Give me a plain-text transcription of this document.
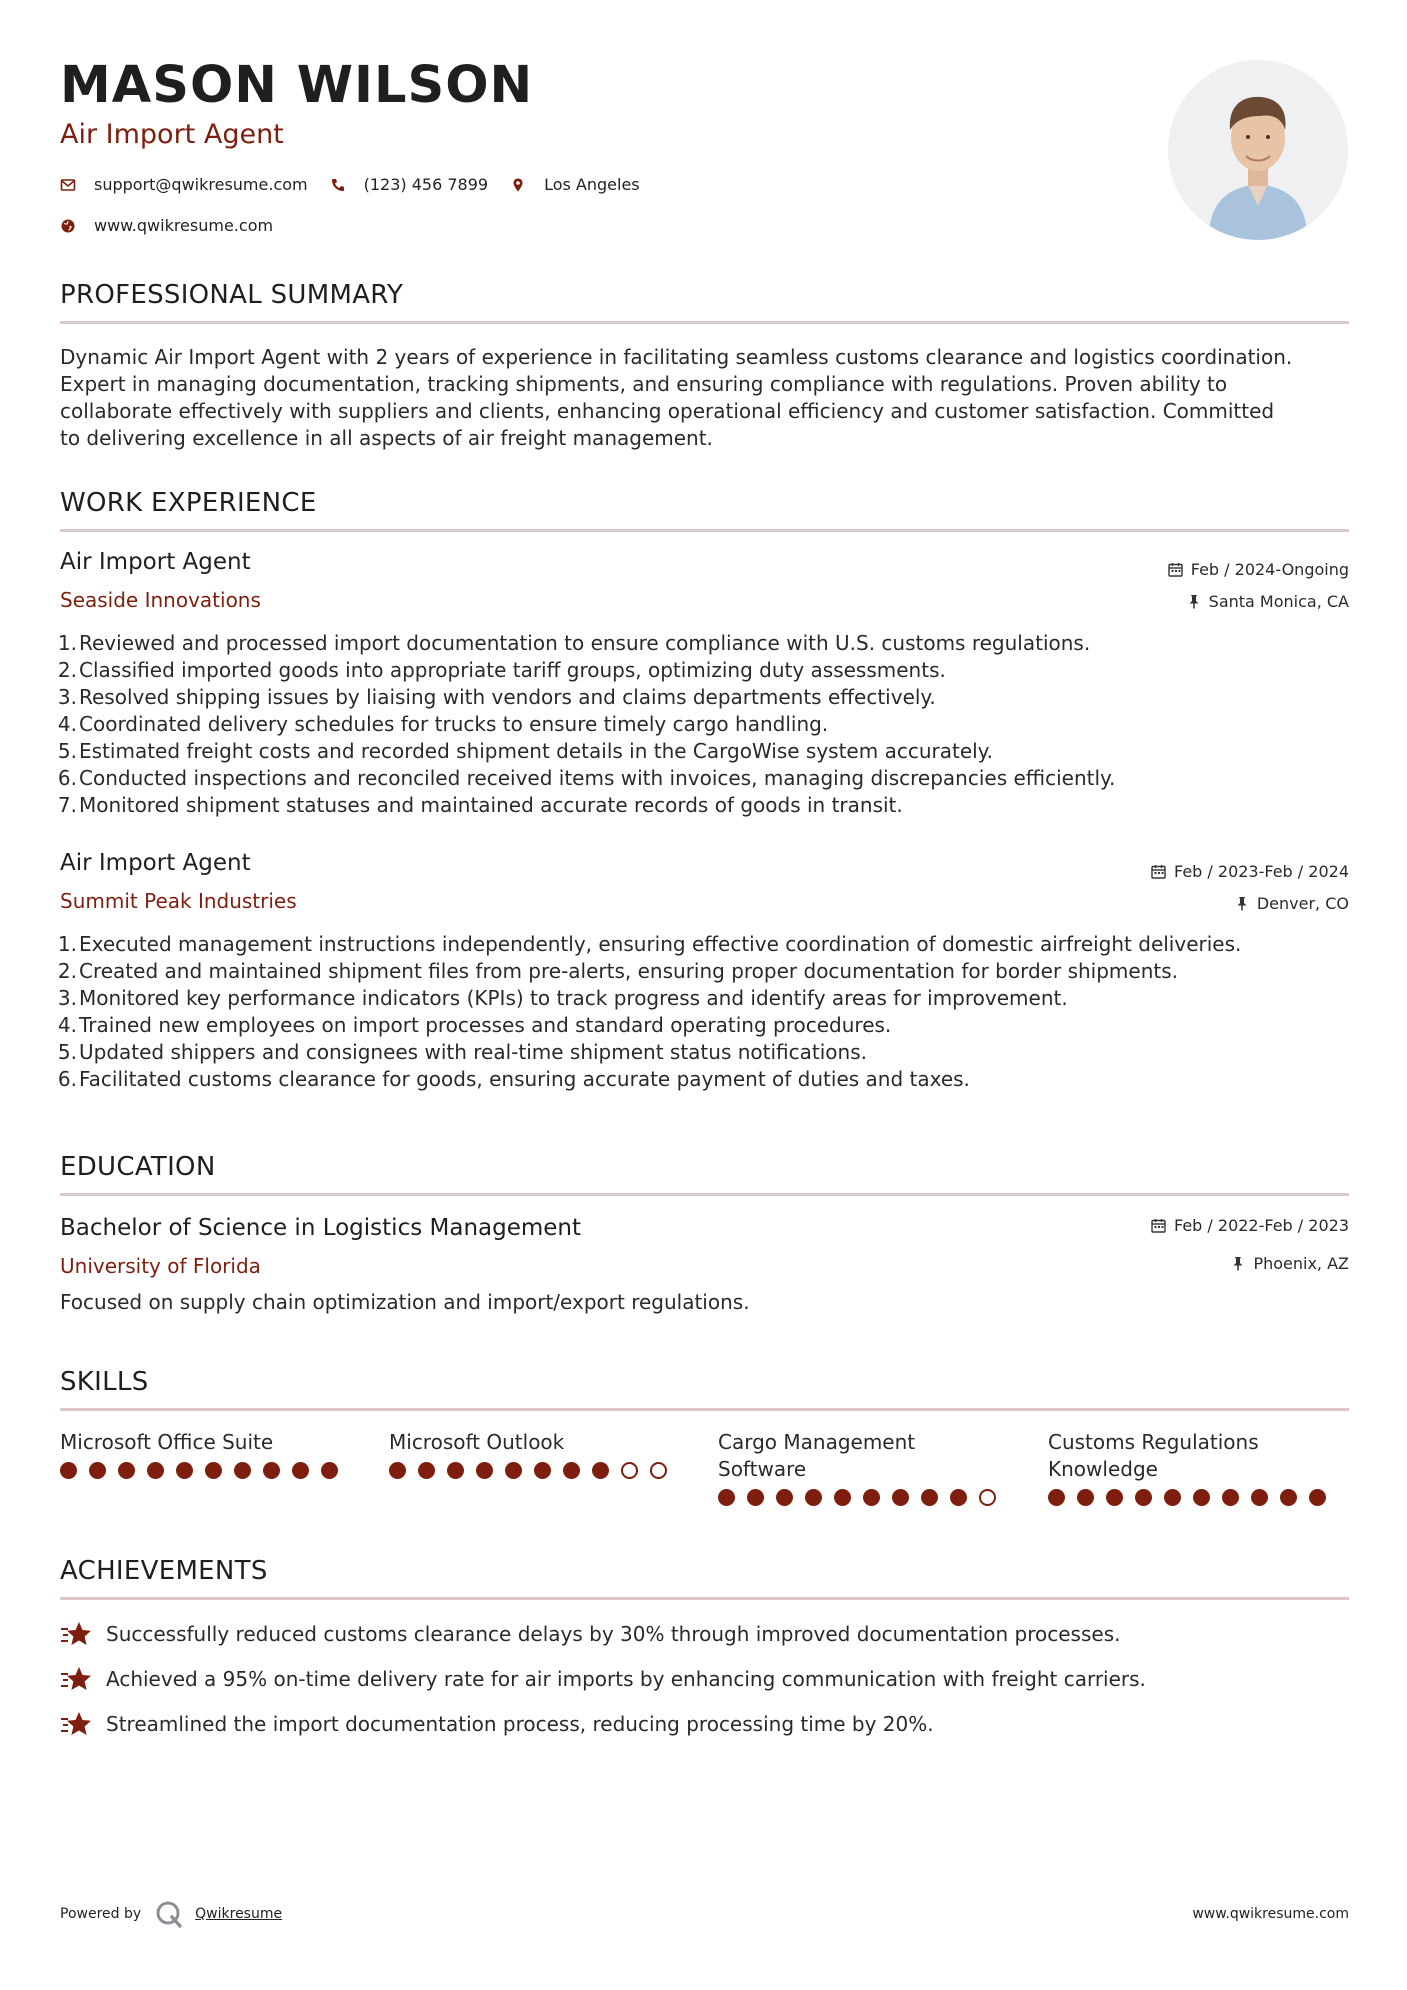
MASON WILSON
Air Import Agent
support@qwikresume.com	(123) 456 7899	Los Angeles
www.qwikresume.com
PROFESSIONAL SUMMARY
Dynamic Air Import Agent with 2 years of experience in facilitating seamless customs clearance and logistics coordination.
Expert in managing documentation, tracking shipments, and ensuring compliance with regulations. Proven ability to
collaborate effectively with suppliers and clients, enhancing operational efficiency and customer satisfaction. Committed
to delivering excellence in all aspects of air freight management.
WORK EXPERIENCE
Air Import Agent
Seaside Innovations
Feb / 2024-Ongoing
Santa Monica, CA
1. Reviewed and processed import documentation to ensure compliance with U.S. customs regulations.
2. Classified imported goods into appropriate tariff groups, optimizing duty assessments.
3. Resolved shipping issues by liaising with vendors and claims departments effectively.
4. Coordinated delivery schedules for trucks to ensure timely cargo handling.
5. Estimated freight costs and recorded shipment details in the CargoWise system accurately.
6. Conducted inspections and reconciled received items with invoices, managing discrepancies efficiently.
7. Monitored shipment statuses and maintained accurate records of goods in transit.
Air Import Agent
Summit Peak Industries
Feb / 2023-Feb / 2024
Denver, CO
1. Executed management instructions independently, ensuring effective coordination of domestic airfreight deliveries.
2. Created and maintained shipment files from pre-alerts, ensuring proper documentation for border shipments.
3. Monitored key performance indicators (KPIs) to track progress and identify areas for improvement.
4. Trained new employees on import processes and standard operating procedures.
5. Updated shippers and consignees with real-time shipment status notifications.
6. Facilitated customs clearance for goods, ensuring accurate payment of duties and taxes.
EDUCATION
Bachelor of Science in Logistics Management
University of Florida
Feb / 2022-Feb / 2023
Phoenix, AZ
Focused on supply chain optimization and import/export regulations.
SKILLS
Microsoft Office Suite	Microsoft Outlook	Cargo Management
Software
Customs Regulations
Knowledge
ACHIEVEMENTS
Successfully reduced customs clearance delays by 30% through improved documentation processes.
Achieved a 95% on-time delivery rate for air imports by enhancing communication with freight carriers.
Streamlined the import documentation process, reducing processing time by 20%.
Powered by	Qwikresume	www.qwikresume.com
